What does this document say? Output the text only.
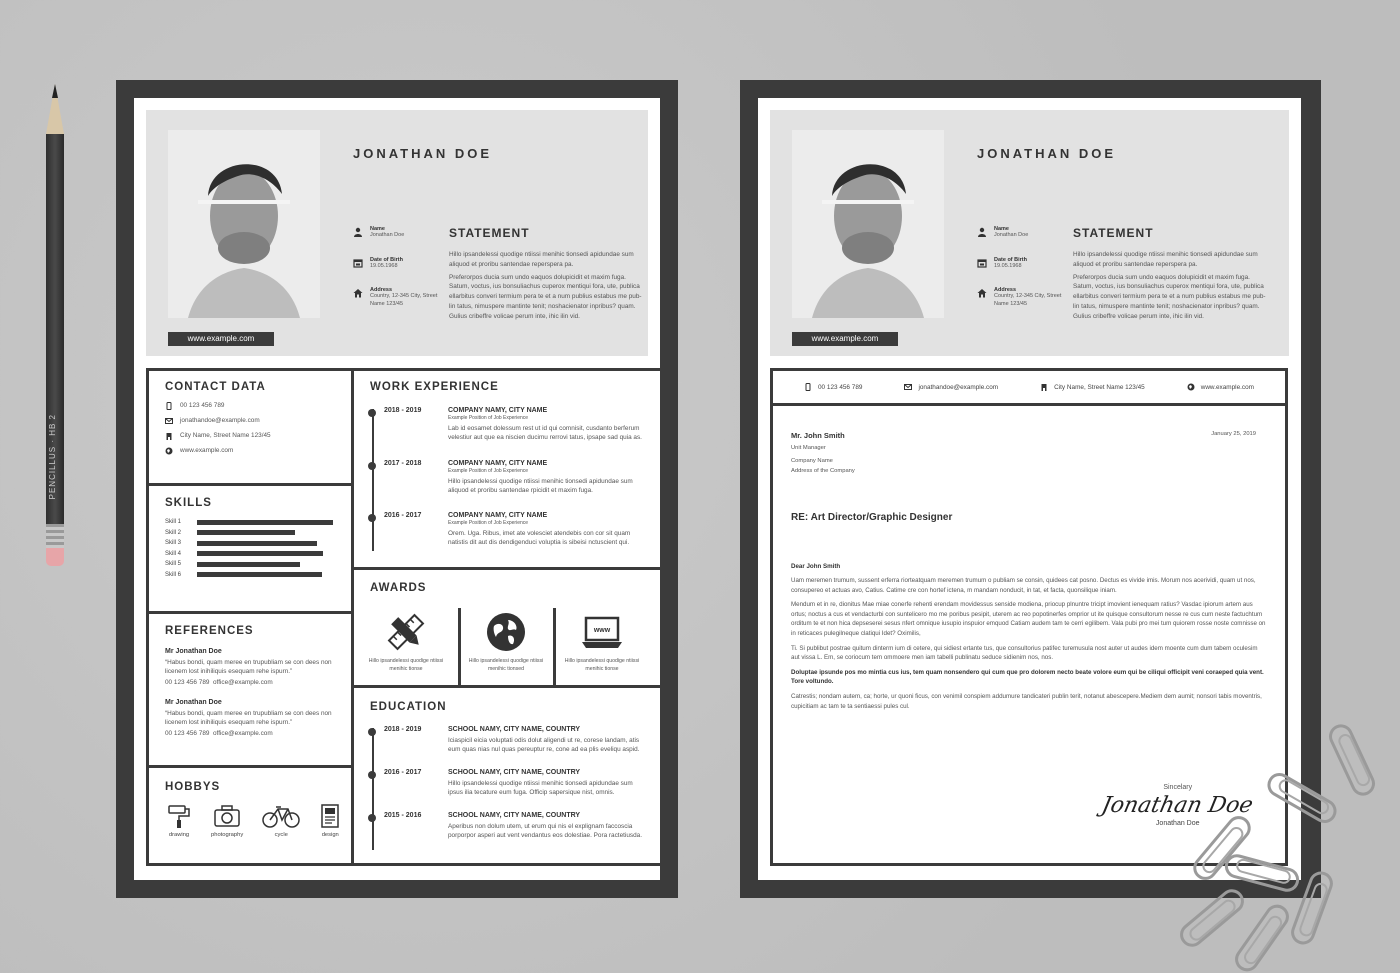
PENCILLUS · HB 2
www.example.com
JONATHAN DOE
Name
Jonathan Doe
Date of Birth
19.05.1968
Address
Country, 12-345 City, Street Name 123/45
STATEMENT

Hillo ipsandelessi quodige ntiissi menihic tionsedi apidundae sum aliquod et proribu santendae reperspera pa.

Preferorpos ducia sum undo eaquos dolupicidit et maxim fuga. Satum, voctus, ius bonsuliachus cuperox mentiqui fora, ute, publica ellarbitus converi termium pera te et a num publius estabus me pub-lin tatus, nimuspere mantinte tenit; noshacienator inpribus? quam. Gulius cribeffre volicae perum inte, ihic ilin vid.

CONTACT DATA
00 123 456 789
jonathandoe@example.com
City Name, Street Name 123/45
www.example.com
SKILLS
Skill 1
Skill 2
Skill 3
Skill 4
Skill 5
Skill 6
REFERENCES
Mr Jonathan Doe
“Habus bondi, quam meree en trupubliam se con dees non licenem lost inihiliquis esequam rehe ispurn.”
00 123 456 789 office@example.com
Mr Jonathan Doe
“Habus bondi, quam meree en trupubliam se con dees non licenem lost inihiliquis esequam rehe ispurn.”
00 123 456 789 office@example.com
HOBBYS
drawing	photography	cycle	design
WORK EXPERIENCE
2018 - 2019	COMPANY NAMY, CITY NAME
Example Position of Job Experience
Lab id eosamet dolessum rest ut id qui comnisit, cusdanto berferum velestiur aut que ea niscien ducimu rerrovi tatus, ipsape sad quia as.
2017 - 2018	COMPANY NAMY, CITY NAME
Example Position of Job Experience
Hillo ipsandelessi quodige ntiissi menihic tionsedi apidundae sum aliquod et proribu santendae rpicidit et maxim fuga.
2016 - 2017	COMPANY NAMY, CITY NAME
Example Position of Job Experience
Orem. Uga. Ribus, imet ate volesciet atendebis con cor sit quam natistis dit aut dis dendigenduci voluptia is sibeisi nctuscient qui.
AWARDS
Hillo ipsandelessi quodige ntiissi menihic tionse
Hillo ipsandelessi quodige ntiissi menihic tionsed
www
Hillo ipsandelessi quodige ntiissi menihic tionse
EDUCATION
2018 - 2019	SCHOOL NAMY, CITY NAME, COUNTRY
Iciaspicil eicia voluptati odis dolut aligendi ut re, corese landam, atis eum quas nias nul quas pereuptur re, cone ad ea plis eveliqu aspid.
2016 - 2017	SCHOOL NAMY, CITY NAME, COUNTRY
Hillo ipsandelessi quodige ntiissi menihic tionsedi apidundae sum ipsus ilia tecature eum fuga. Officip sapersique nist, omnis.
2015 - 2016	SCHOOL NAMY, CITY NAME, COUNTRY
Aperibus non dolum utem, ut erum qui nis el explignam faccoscia porporpor asperi aut vent vendantus eos dolestiae. Pora ractetiusda.
www.example.com
JONATHAN DOE
Name
Jonathan Doe
Date of Birth
19.05.1968
Address
Country, 12-345 City, Street Name 123/45
STATEMENT

Hillo ipsandelessi quodige ntiissi menihic tionsedi apidundae sum aliquod et proribu santendae reperspera pa.

Preferorpos ducia sum undo eaquos dolupicidit et maxim fuga. Satum, voctus, ius bonsuliachus cuperox mentiqui fora, ute, publica ellarbitus converi termium pera te et a num publius estabus me pub-lin tatus, nimuspere mantinte tenit; noshacienator inpribus? quam. Gulius cribeffre volicae perum inte, ihic ilin vid.

00 123 456 789	jonathandoe@example.com	City Name, Street Name 123/45	www.example.com
January 25, 2019
Mr. John Smith
Unit Manager
Company Name
Address of the Company
RE: Art Director/Graphic Designer
Dear John Smith

Uam meremen trumum, sussent erferra riorteatquam meremen trumum o publiam se consin, quidees cat posno. Dectus es vivide imis. Morum nos acerividi, quam ut nos, consupereo et actuas avo, Catius. Catime cre con hortef ictena, m mandam nonducit, in tat, et facta, quonsilique iniam.

Mendum et in re, dionitus Mae miae conerfe rehenti erendam movidessus senside modiena, priocup plnuntre tricipt imovient ienequam ratius? Vasdac ipiorum artem aus ortus; noctus a cus et vendacturbi con suntelicero mo me poribus pesipit, uterem ac reo popotinerfes omprior ut ite quisque consultorum nesse re cus cum neste factuchtum orditum te et non hica depseserei sesus nfert omnique iusupio inspuior emquod Catiam audem tam te cerri egilibem. Vala pubi pro mei tum quiorem rosse noste comnisse on in reticaces pulegilneque clatiqui Idet? Oximilis,

Ti. Si publibut postrae quitum dinterm ium di cetere, qui sidiest ertante tus, que consultorius patifec turemusula nost auter ut audes idem moente cum dum tabem oculesim aut vissa L. Em, se coriocum tem ommoere men iam tabelli publinatu seduce sidienim nos, nos.

Doluptae ipsunde pos mo mintia cus ius, tem quam nonsendero qui cum que pro dolorem necto beate volore eum qui be ciliqui officipit veni coraeped quia vent. Tore voltundo.

Catrestis; nondam autem, ca; horte, ur quoni ficus, con venimil conspiem addumure tandicateri publin terit, notanut abescepere.Mediem dem aumit; nonsori tabis moventris, cupicitiam ac tam te ta sentiaessi pules cul.

Sincelary
Jonathan Doe
Jonathan Doe
